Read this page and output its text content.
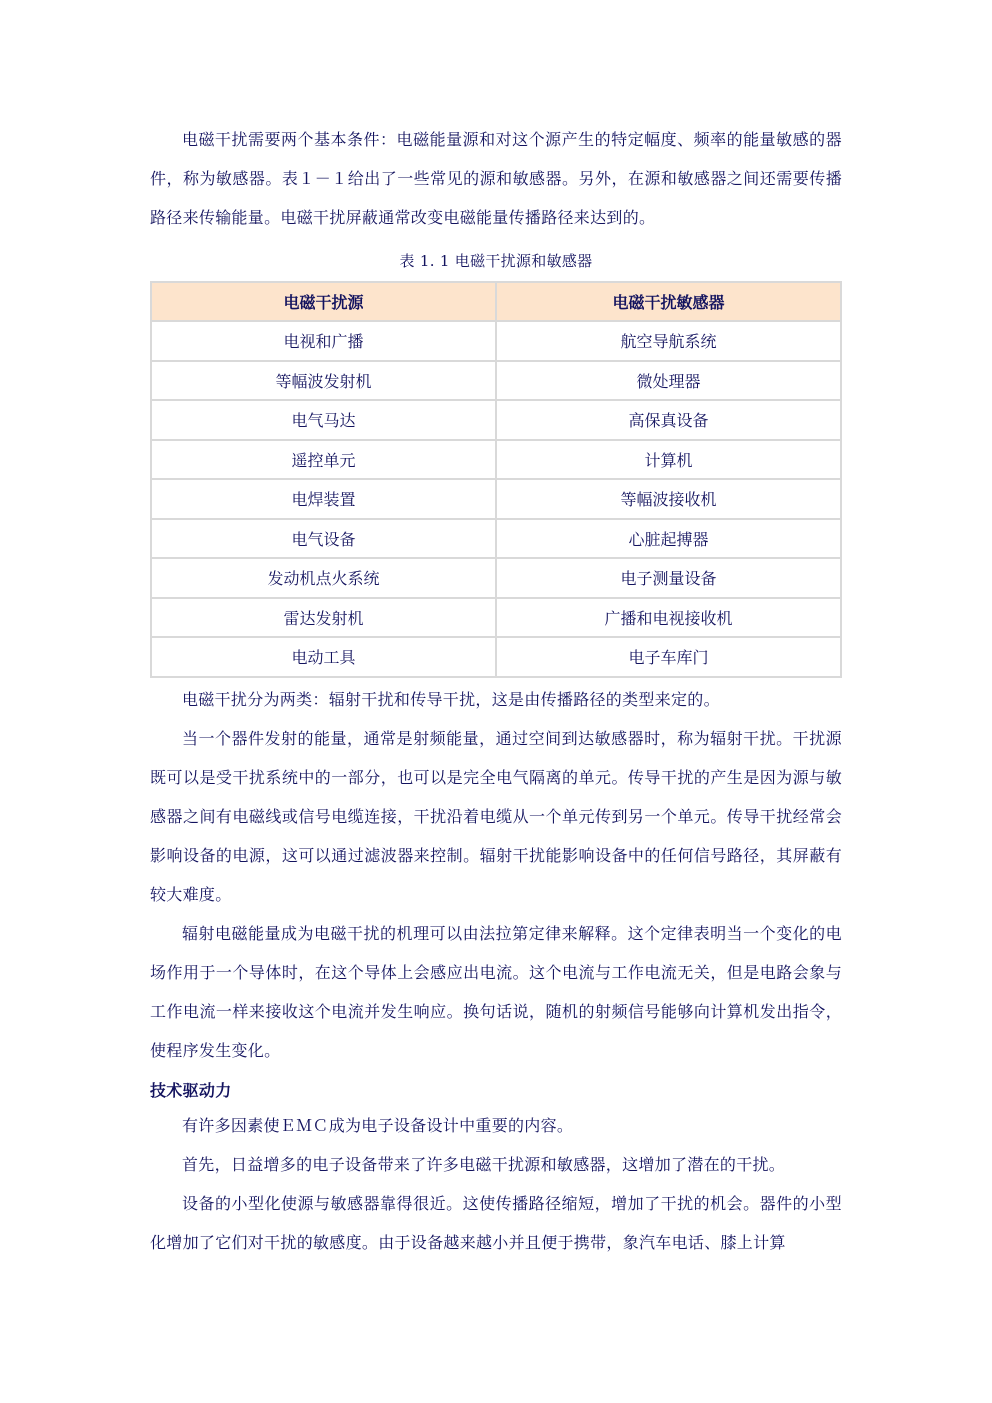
电磁干扰需要两个基本条件：电磁能量源和对这个源产生的特定幅度、频率的能量敏感的器件，称为敏感器。表１－１给出了一些常见的源和敏感器。另外，在源和敏感器之间还需要传播路径来传输能量。电磁干扰屏蔽通常改变电磁能量传播路径来达到的。

表 1. 1 电磁干扰源和敏感器

电磁干扰源	电磁干扰敏感器
电视和广播	航空导航系统
等幅波发射机	微处理器
电气马达	高保真设备
遥控单元	计算机
电焊装置	等幅波接收机
电气设备	心脏起搏器
发动机点火系统	电子测量设备
雷达发射机	广播和电视接收机
电动工具	电子车库门

电磁干扰分为两类：辐射干扰和传导干扰，这是由传播路径的类型来定的。

当一个器件发射的能量，通常是射频能量，通过空间到达敏感器时，称为辐射干扰。干扰源既可以是受干扰系统中的一部分，也可以是完全电气隔离的单元。传导干扰的产生是因为源与敏感器之间有电磁线或信号电缆连接，干扰沿着电缆从一个单元传到另一个单元。传导干扰经常会影响设备的电源，这可以通过滤波器来控制。辐射干扰能影响设备中的任何信号路径，其屏蔽有较大难度。

辐射电磁能量成为电磁干扰的机理可以由法拉第定律来解释。这个定律表明当一个变化的电场作用于一个导体时，在这个导体上会感应出电流。这个电流与工作电流无关，但是电路会象与工作电流一样来接收这个电流并发生响应。换句话说，随机的射频信号能够向计算机发出指令，使程序发生变化。

技术驱动力

有许多因素使ＥＭＣ成为电子设备设计中重要的内容。

首先，日益增多的电子设备带来了许多电磁干扰源和敏感器，这增加了潜在的干扰。

设备的小型化使源与敏感器靠得很近。这使传播路径缩短，增加了干扰的机会。器件的小型化增加了它们对干扰的敏感度。由于设备越来越小并且便于携带，象汽车电话、膝上计算
